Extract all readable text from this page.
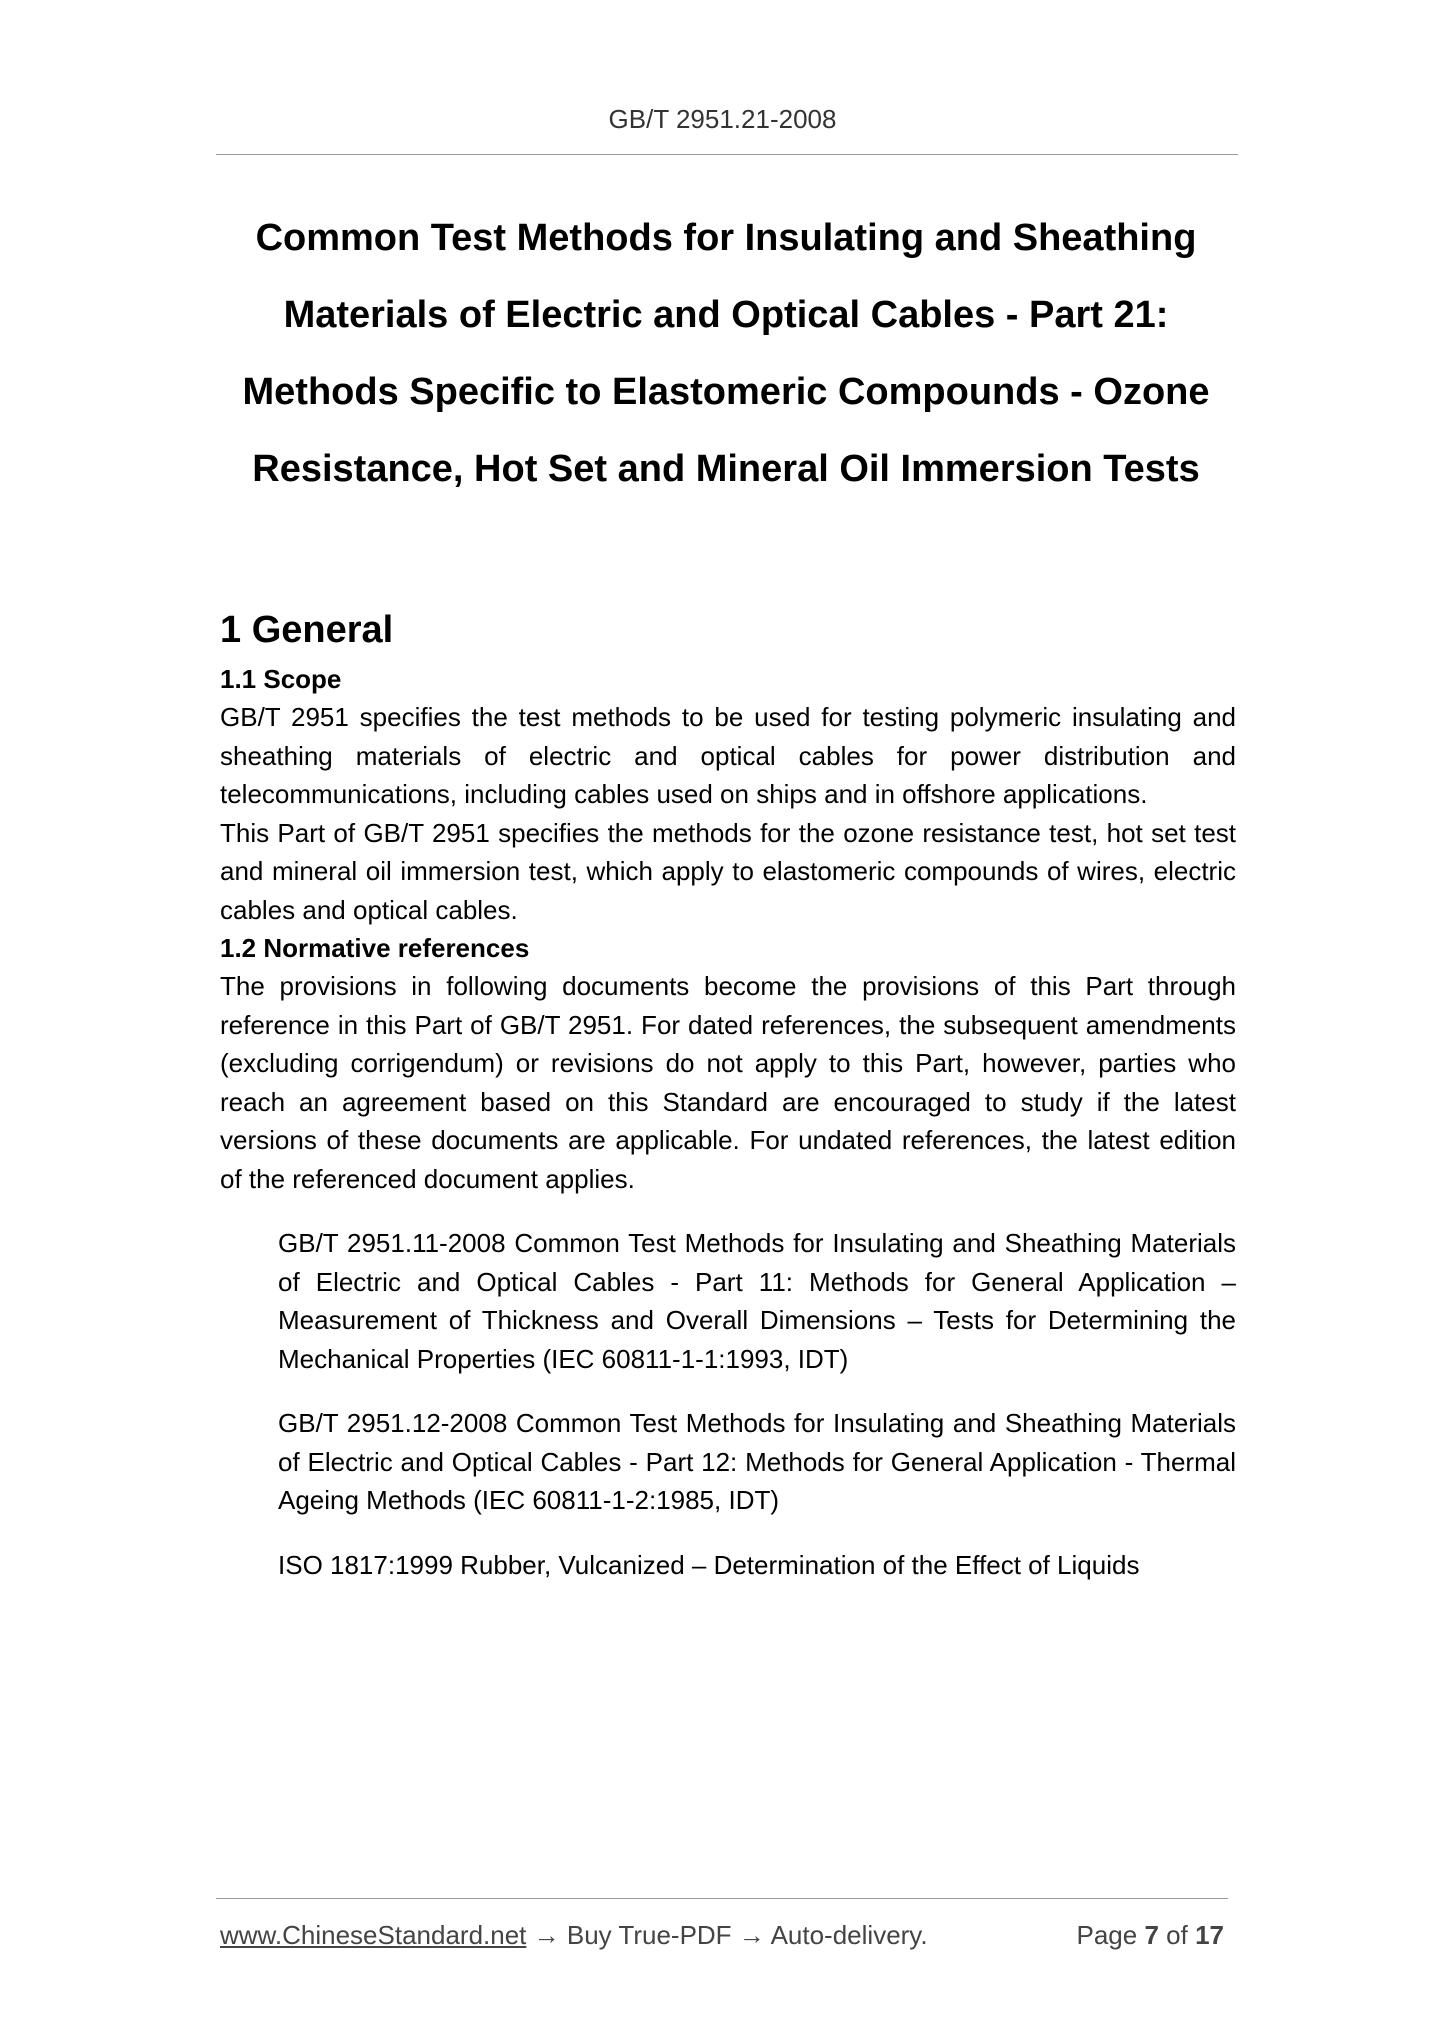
GB/T 2951.21-2008
Common Test Methods for Insulating and Sheathing
Materials of Electric and Optical Cables - Part 21:
Methods Specific to Elastomeric Compounds - Ozone
Resistance, Hot Set and Mineral Oil Immersion Tests
1 General
1.1 Scope

GB/T 2951 specifies the test methods to be used for testing polymeric insulating and sheathing materials of electric and optical cables for power distribution and telecommunications, including cables used on ships and in offshore applications.

This Part of GB/T 2951 specifies the methods for the ozone resistance test, hot set test and mineral oil immersion test, which apply to elastomeric compounds of wires, electric cables and optical cables.

1.2 Normative references

The provisions in following documents become the provisions of this Part through reference in this Part of GB/T 2951. For dated references, the subsequent amendments (excluding corrigendum) or revisions do not apply to this Part, however, parties who reach an agreement based on this Standard are encouraged to study if the latest versions of these documents are applicable. For undated references, the latest edition of the referenced document applies.

GB/T 2951.11-2008 Common Test Methods for Insulating and Sheathing Materials of Electric and Optical Cables - Part 11: Methods for General Application – Measurement of Thickness and Overall Dimensions – Tests for Determining the Mechanical Properties (IEC 60811-1-1:1993, IDT)

GB/T 2951.12-2008 Common Test Methods for Insulating and Sheathing Materials of Electric and Optical Cables - Part 12: Methods for General Application - Thermal Ageing Methods (IEC 60811-1-2:1985, IDT)

ISO 1817:1999 Rubber, Vulcanized – Determination of the Effect of Liquids

www.ChineseStandard.net → Buy True-PDF → Auto-delivery.	Page 7 of 17
